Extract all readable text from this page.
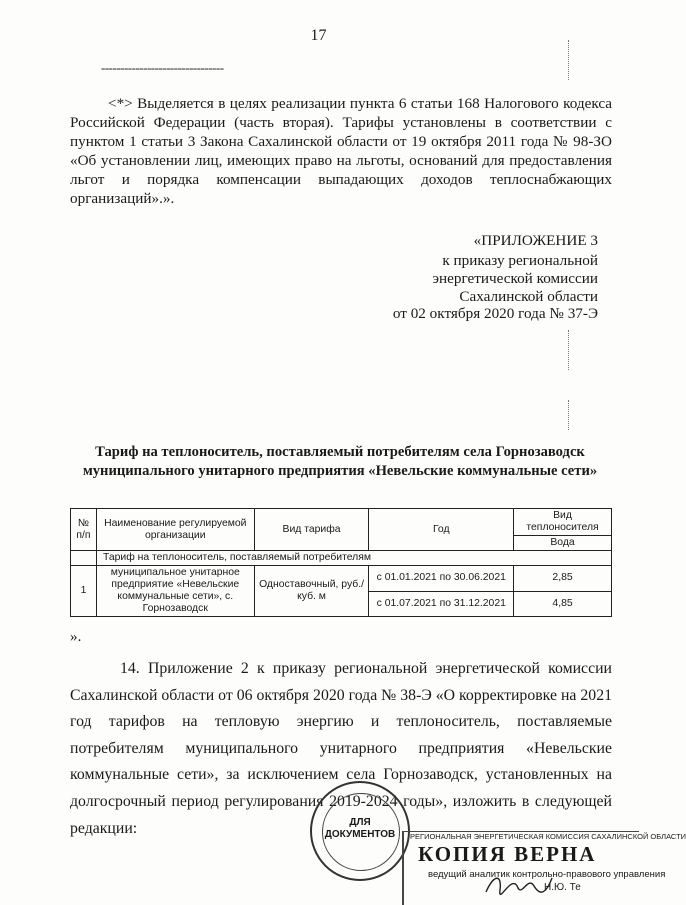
17
--------------------------------

<*> Выделяется в целях реализации пункта 6 статьи 168 Налогового кодекса Российской Федерации (часть вторая). Тарифы установлены в соответствии с пунктом 1 статьи 3 Закона Сахалинской области от 19 октября 2011 года № 98-ЗО «Об установлении лиц, имеющих право на льготы, оснований для предоставления льгот и порядка компенсации выпадающих доходов теплоснабжающих организаций».».

«ПРИЛОЖЕНИЕ 3
к приказу региональной
энергетической комиссии
Сахалинской области
от 02 октября 2020 года № 37-Э
Тариф на теплоноситель, поставляемый потребителям села Горнозаводск
муниципального унитарного предприятия «Невельские коммунальные сети»
№ п/п	Наименование регулируемой организации	Вид тарифа	Год	Вид теплоносителя
				Вода
	Тариф на теплоноситель, поставляемый потребителям			
1	муниципальное унитарное предприятие «Невельские коммунальные сети», с. Горнозаводск	Одноставочный, руб./куб. м	с 01.01.2021 по 30.06.2021	2,85
			с 01.07.2021 по 31.12.2021	4,85
».

14. Приложение 2 к приказу региональной энергетической комиссии Сахалинской области от 06 октября 2020 года № 38-Э «О корректировке на 2021 год тарифов на тепловую энергию и теплоноситель, поставляемые потребителям муниципального унитарного предприятия «Невельские коммунальные сети», за исключением села Горнозаводск, установленных на долгосрочный период регулирования 2019-2024 годы», изложить в следующей редакции:	ДЛЯ
ДОКУМЕНТОВ	РЕГИОНАЛЬНАЯ ЭНЕРГЕТИЧЕСКАЯ КОМИССИЯ САХАЛИНСКОЙ ОБЛАСТИ
КОПИЯ ВЕРНА
ведущий аналитик контрольно-правового управления
Н.Ю. Те
